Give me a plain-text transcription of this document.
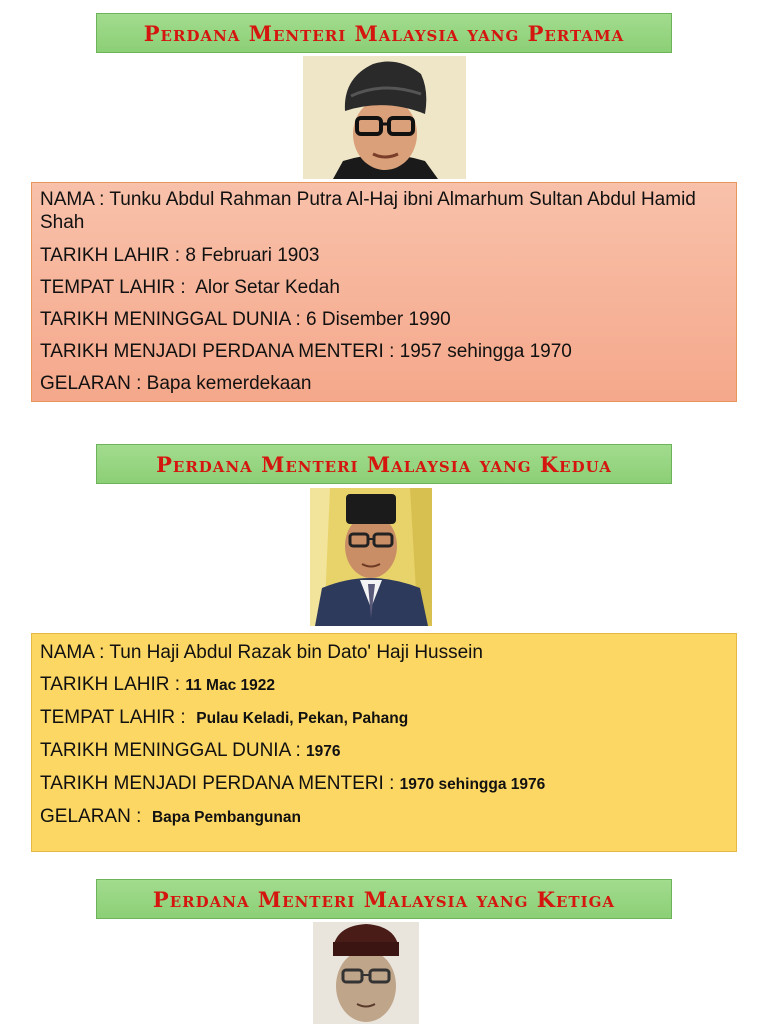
Perdana Menteri Malaysia yang Pertama
NAMA : Tunku Abdul Rahman Putra Al-Haj ibni Almarhum Sultan Abdul Hamid Shah
TARIKH LAHIR : 8 Februari 1903
TEMPAT LAHIR :  Alor Setar Kedah
TARIKH MENINGGAL DUNIA : 6 Disember 1990
TARIKH MENJADI PERDANA MENTERI : 1957 sehingga 1970
GELARAN : Bapa kemerdekaan
Perdana Menteri Malaysia yang Kedua
NAMA : Tun Haji Abdul Razak bin Dato' Haji Hussein
TARIKH LAHIR : 11 Mac 1922
TEMPAT LAHIR :  Pulau Keladi, Pekan, Pahang
TARIKH MENINGGAL DUNIA : 1976
TARIKH MENJADI PERDANA MENTERI : 1970 sehingga 1976
GELARAN :  Bapa Pembangunan
Perdana Menteri Malaysia yang Ketiga
